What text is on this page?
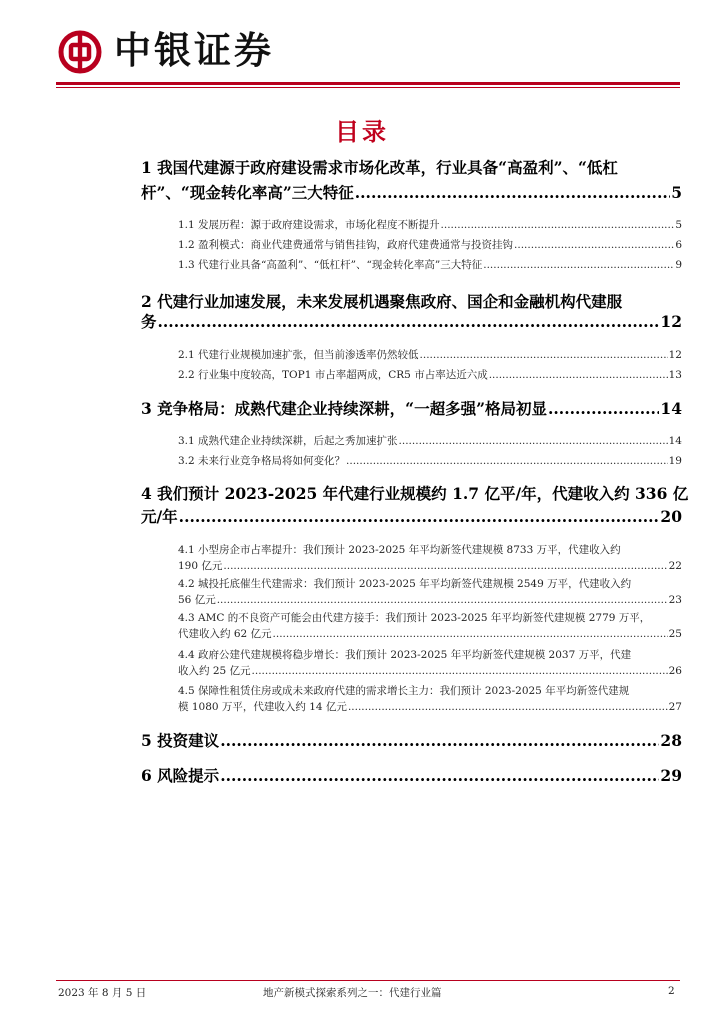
中银证券
目录
1 我国代建源于政府建设需求市场化改革，行业具备“高盈利”、“低杠
杆”、“现金转化率高”三大特征 .....	5
1.1 发展历程：源于政府建设需求，市场化程度不断提升 .....	5
1.2 盈利模式：商业代建费通常与销售挂钩，政府代建费通常与投资挂钩 .....	6
1.3 代建行业具备“高盈利”、“低杠杆”、“现金转化率高”三大特征 .....	9
2 代建行业加速发展，未来发展机遇聚焦政府、国企和金融机构代建服
务 .....	12
2.1 代建行业规模加速扩张，但当前渗透率仍然较低 .....	12
2.2 行业集中度较高，TOP1 市占率超两成，CR5 市占率达近六成 .....	13
3 竞争格局：成熟代建企业持续深耕，“一超多强”格局初显 .....	14
3.1 成熟代建企业持续深耕，后起之秀加速扩张 .....	14
3.2 未来行业竞争格局将如何变化？ .....	19
4 我们预计 2023-2025 年代建行业规模约 1.7 亿平/年，代建收入约 336 亿
元/年 .....	20
4.1 小型房企市占率提升：我们预计 2023-2025 年平均新签代建规模 8733 万平，代建收入约
190 亿元 .....	22
4.2 城投托底催生代建需求：我们预计 2023-2025 年平均新签代建规模 2549 万平，代建收入约
56 亿元 .....	23
4.3 AMC 的不良资产可能会由代建方接手：我们预计 2023-2025 年平均新签代建规模 2779 万平，
代建收入约 62 亿元 .....	25
4.4 政府公建代建规模将稳步增长：我们预计 2023-2025 年平均新签代建规模 2037 万平，代建
收入约 25 亿元 .....	26
4.5 保障性租赁住房或成未来政府代建的需求增长主力：我们预计 2023-2025 年平均新签代建规
模 1080 万平，代建收入约 14 亿元 .....	27
5 投资建议 .....	28
6 风险提示 .....	29
2023 年 8 月 5 日	地产新模式探索系列之一：代建行业篇	2
